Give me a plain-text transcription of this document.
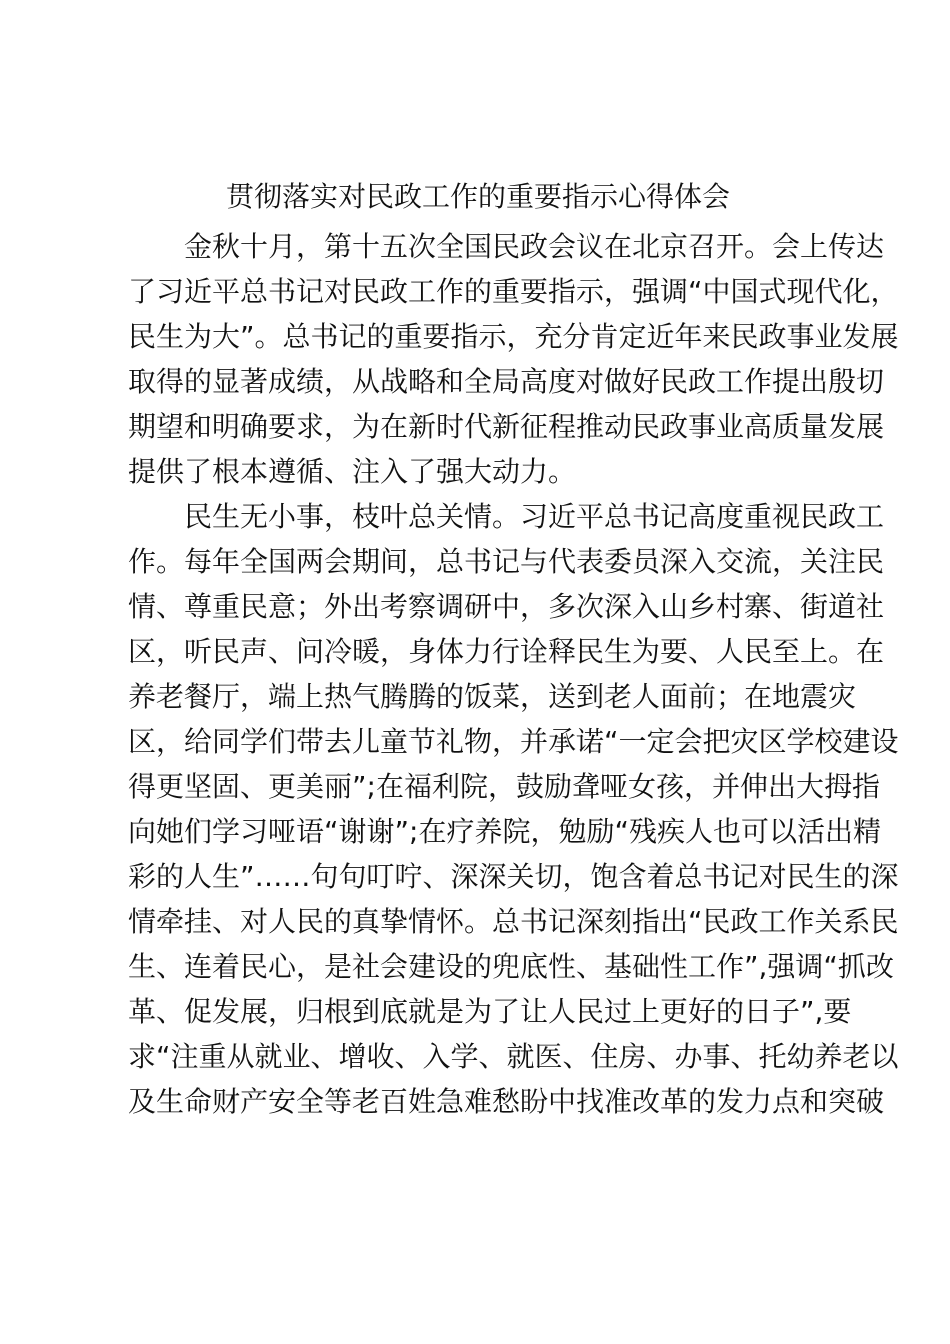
贯彻落实对民政工作的重要指示心得体会
金秋十月，第十五次全国民政会议在北京召开。会上传达
了习近平总书记对民政工作的重要指示，强调“中国式现代化，
民生为大”。总书记的重要指示，充分肯定近年来民政事业发展
取得的显著成绩，从战略和全局高度对做好民政工作提出殷切
期望和明确要求，为在新时代新征程推动民政事业高质量发展
提供了根本遵循、注入了强大动力。
民生无小事，枝叶总关情。习近平总书记高度重视民政工
作。每年全国两会期间，总书记与代表委员深入交流，关注民
情、尊重民意；外出考察调研中，多次深入山乡村寨、街道社
区，听民声、问冷暖，身体力行诠释民生为要、人民至上。在
养老餐厅，端上热气腾腾的饭菜，送到老人面前；在地震灾
区，给同学们带去儿童节礼物，并承诺“一定会把灾区学校建设
得更坚固、更美丽”;在福利院，鼓励聋哑女孩，并伸出大拇指
向她们学习哑语“谢谢”;在疗养院，勉励“残疾人也可以活出精
彩的人生”……句句叮咛、深深关切，饱含着总书记对民生的深
情牵挂、对人民的真挚情怀。总书记深刻指出“民政工作关系民
生、连着民心，是社会建设的兜底性、基础性工作”,强调“抓改
革、促发展，归根到底就是为了让人民过上更好的日子”,要
求“注重从就业、增收、入学、就医、住房、办事、托幼养老以
及生命财产安全等老百姓急难愁盼中找准改革的发力点和突破
